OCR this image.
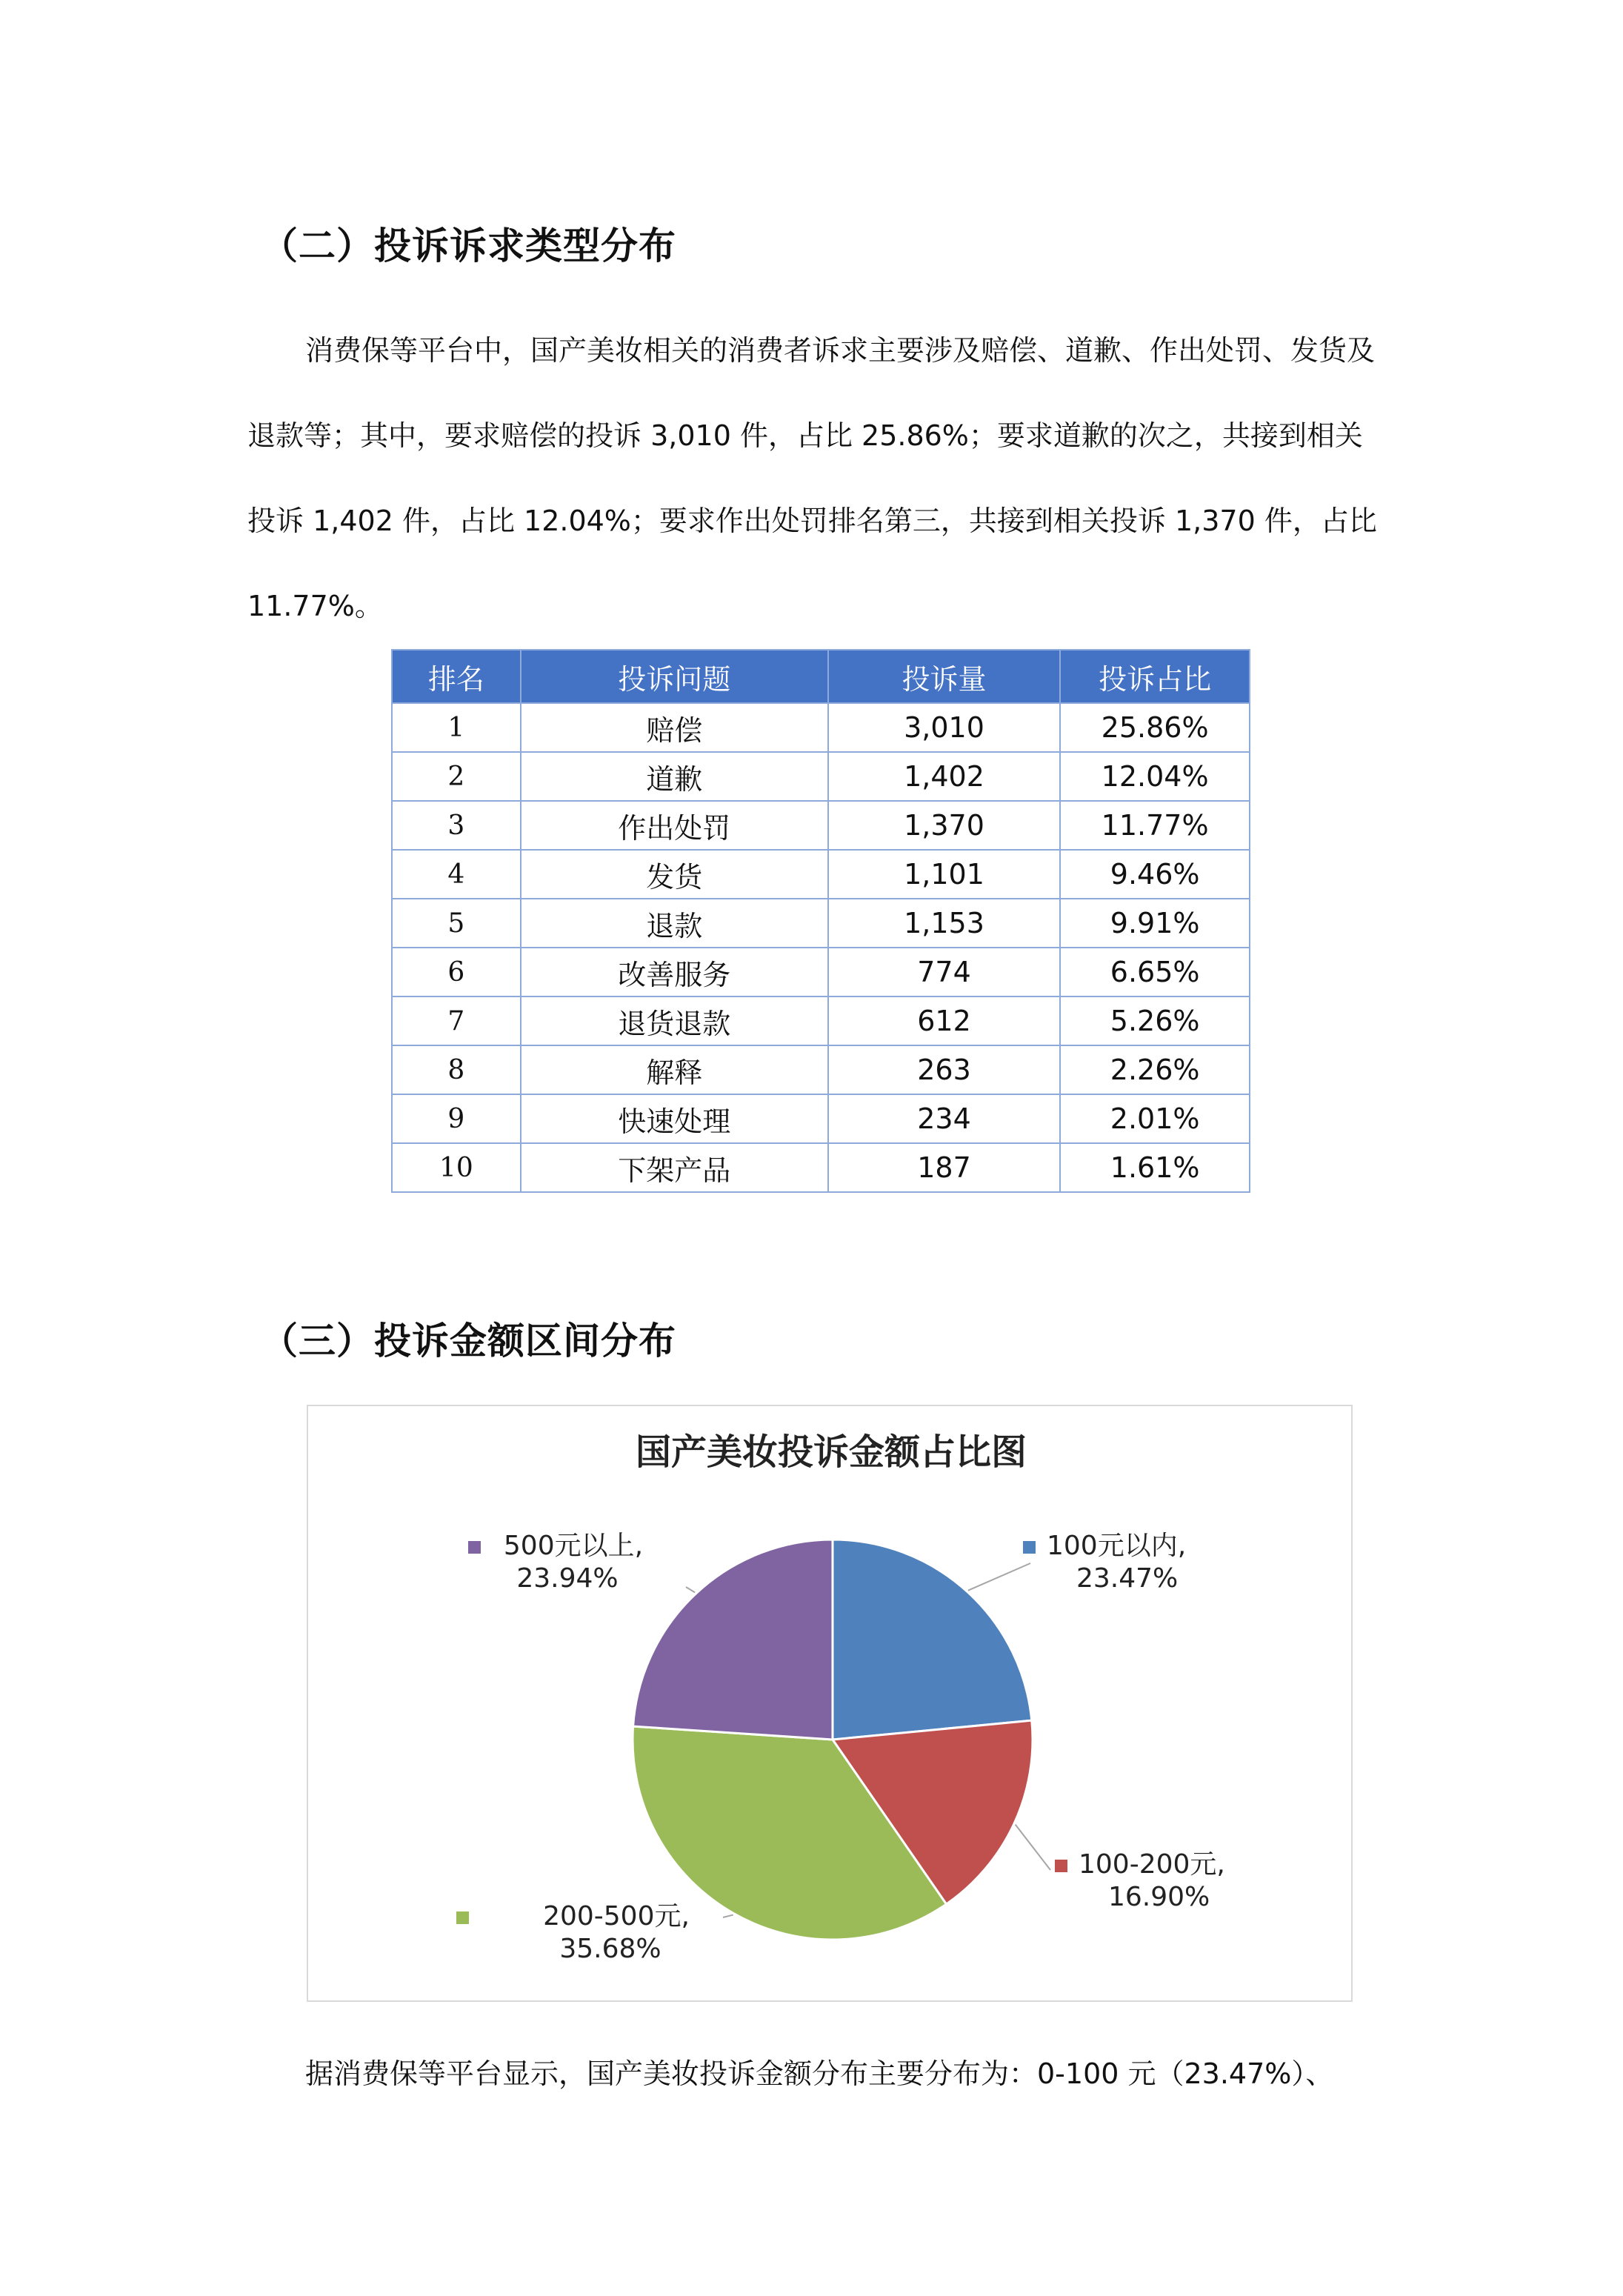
（二）投诉诉求类型分布

消费保等平台中，国产美妆相关的消费者诉求主要涉及赔偿、道歉、作出处罚、发货及

退款等；其中，要求赔偿的投诉 3,010 件，占比 25.86%；要求道歉的次之，共接到相关

投诉 1,402 件，占比 12.04%；要求作出处罚排名第三，共接到相关投诉 1,370 件，占比

11.77%。

排名	投诉问题	投诉量	投诉占比
1	赔偿	3,010	25.86%
2	道歉	1,402	12.04%
3	作出处罚	1,370	11.77%
4	发货	1,101	9.46%
5	退款	1,153	9.91%
6	改善服务	774	6.65%
7	退货退款	612	5.26%
8	解释	263	2.26%
9	快速处理	234	2.01%
10	下架产品	187	1.61%
（三）投诉金额区间分布
国产美妆投诉金额占比图
100元以内, 23.47%
100-200元, 16.90%
200-500元, 35.68%
500元以上, 23.94%
据消费保等平台显示，国产美妆投诉金额分布主要分布为：0-100 元（23.47%）、
